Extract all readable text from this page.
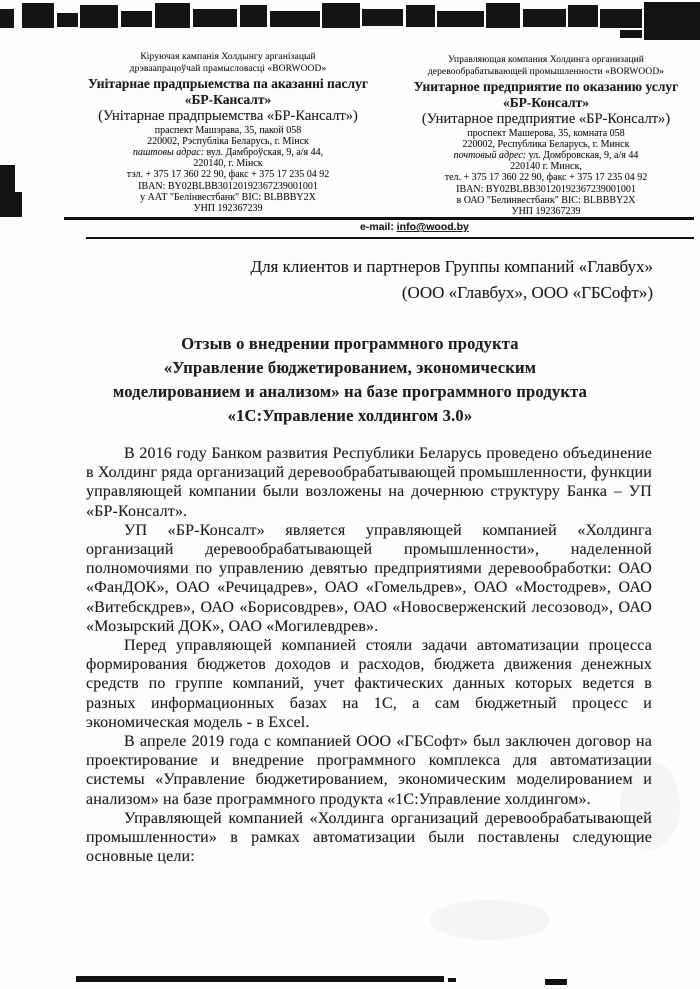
Кіруючая кампанія Холдынгу арганізацый
дрэваапрацоўчай прамысловасці «BORWOOD»
Унітарнае прадпрыемства па аказанні паслуг
«БР-Кансалт»
(Унітарнае прадпрыемства «БР-Кансалт»)
праспект Машэрава, 35, пакой 058
220002, Рэспубліка Беларусь, г. Мінск
паштовы адрас: вул. Дамброўская, 9, а/я 44,
220140, г. Мінск
тэл. + 375 17 360 22 90, факс + 375 17 235 04 92
IBAN: BY02BLBB30120192367239001001
у ААТ "Белінвестбанк" BIC: BLBBBY2X
УНП 192367239
Управляющая компания Холдинга организаций
деревообрабатывающей промышленности «BORWOOD»
Унитарное предприятие по оказанию услуг
«БР-Консалт»
(Унитарное предприятие «БР-Консалт»)
проспект Машерова, 35, комната 058
220002, Республика Беларусь, г. Минск
почтовый адрес: ул. Домбровская, 9, а/я 44
220140 г. Минск,
тел. + 375 17 360 22 90, факс + 375 17 235 04 92
IBAN: BY02BLBB30120192367239001001
в ОАО "Белинвестбанк" BIC: BLBBBY2X
УНП 192367239
e-mail: info@wood.by
Для клиентов и партнеров Группы компаний «Главбух»
(ООО «Главбух», ООО «ГБСофт»)
Отзыв о внедрении программного продукта
«Управление бюджетированием, экономическим
моделированием и анализом» на базе программного продукта
«1С:Управление холдингом 3.0»

В 2016 году Банком развития Республики Беларусь проведено объединение в Холдинг ряда организаций деревообрабатывающей промышленности, функции управляющей компании были возложены на дочернюю структуру Банка – УП «БР-Консалт».

УП «БР-Консалт» является управляющей компанией «Холдинга организаций деревообрабатывающей промышленности», наделенной полномочиями по управлению девятью предприятиями деревообработки: ОАО «ФанДОК», ОАО «Речицадрев», ОАО «Гомельдрев», ОАО «Мостодрев», ОАО «Витебскдрев», ОАО «Борисовдрев», ОАО «Новосверженский лесозовод», ОАО «Мозырский ДОК», ОАО «Могилевдрев».

Перед управляющей компанией стояли задачи автоматизации процесса формирования бюджетов доходов и расходов, бюджета движения денежных средств по группе компаний, учет фактических данных которых ведется в разных информационных базах на 1С, а сам бюджетный процесс и экономическая модель - в Excel.

В апреле 2019 года с компанией ООО «ГБСофт» был заключен договор на проектирование и внедрение программного комплекса для автоматизации системы «Управление бюджетированием, экономическим моделированием и анализом» на базе программного продукта «1С:Управление холдингом».

Управляющей компанией «Холдинга организаций деревообрабатывающей промышленности» в рамках автоматизации были поставлены следующие основные цели:
